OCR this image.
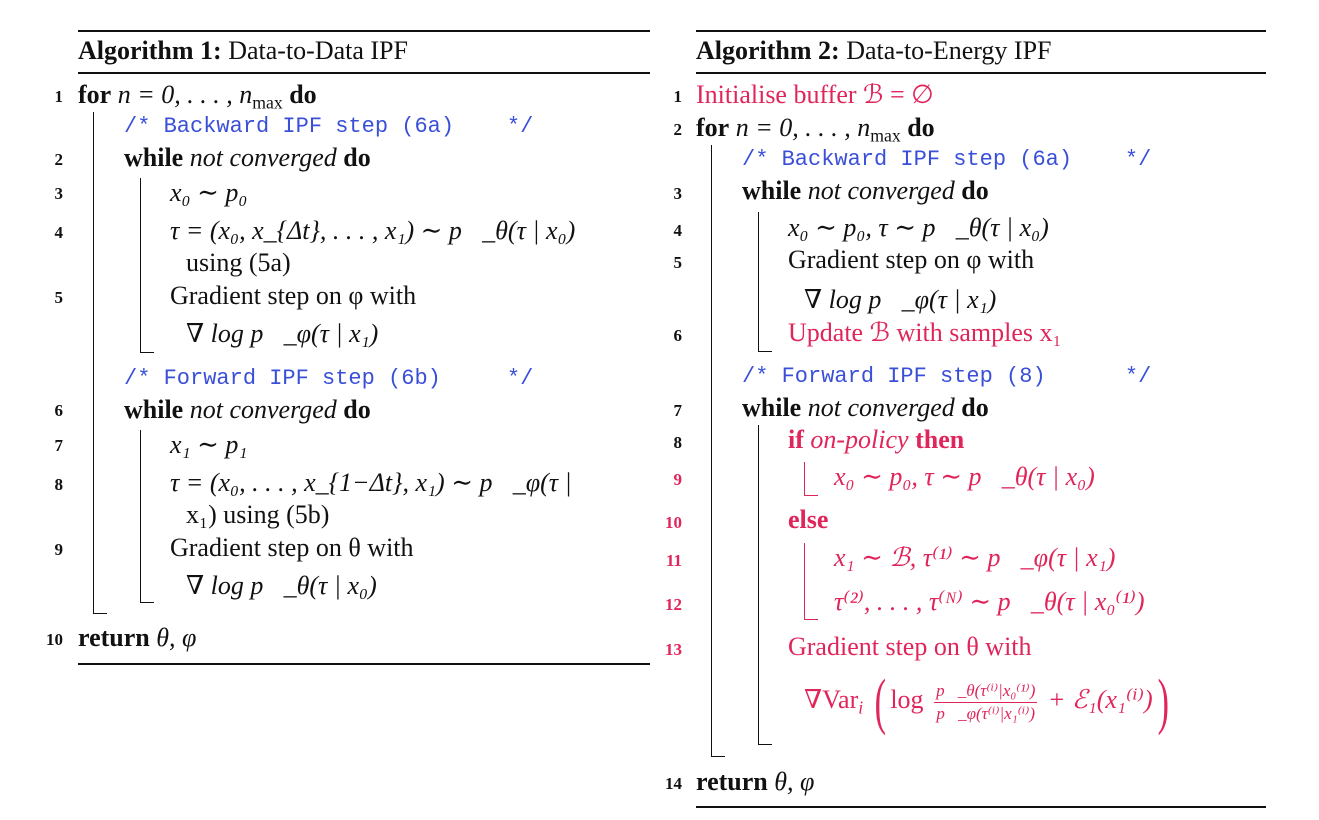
Algorithm 1: Data-to-Data IPF
1
2
3
4
5
6
7
8
9
10
for n = 0, . . . , $n_{max}$ do
/* Backward IPF step (6a)    */
while not converged do
x₀ ∼ p₀
τ = (x₀, x_{Δt}, . . . , x₁) ∼ p⃗_θ(τ | x₀)
using (5a)
Gradient step on φ with
∇ log p⃖_φ(τ | x₁)
/* Forward IPF step (6b)     */
while not converged do
x₁ ∼ p₁
τ = (x₀, . . . , x_{1−Δt}, x₁) ∼ p⃖_φ(τ |
x₁) using (5b)
Gradient step on θ with
∇ log p⃗_θ(τ | x₀)
return θ, φ
Algorithm 2: Data-to-Energy IPF
1
2
3
4
5
6
7
8
9
10
11
12
13
14
Initialise buffer ℬ = ∅
for n = 0, . . . , $n_{max}$ do
/* Backward IPF step (6a)    */
while not converged do
x₀ ∼ p₀, τ ∼ p⃗_θ(τ | x₀)
Gradient step on φ with
∇ log p⃖_φ(τ | x₁)
Update ℬ with samples x₁
/* Forward IPF step (8)      */
while not converged do
if on-policy then
x₀ ∼ p₀, τ ∼ p⃗_θ(τ | x₀)
else
x₁ ∼ ℬ, τ⁽¹⁾ ∼ p⃖_φ(τ | x₁)
τ⁽²⁾, . . . , τ⁽ᴺ⁾ ∼ p⃗_θ(τ | x₀⁽¹⁾)
Gradient step on θ with
∇Var$_i$ ( $\log \frac{\text{p⃗\_θ(τ⁽ⁱ⁾|x₀⁽¹⁾)}}{\text{p⃖\_φ(τ⁽ⁱ⁾|x₁⁽ⁱ⁾)}}$ + ℰ₁(x₁⁽ⁱ⁾))
return θ, φ
